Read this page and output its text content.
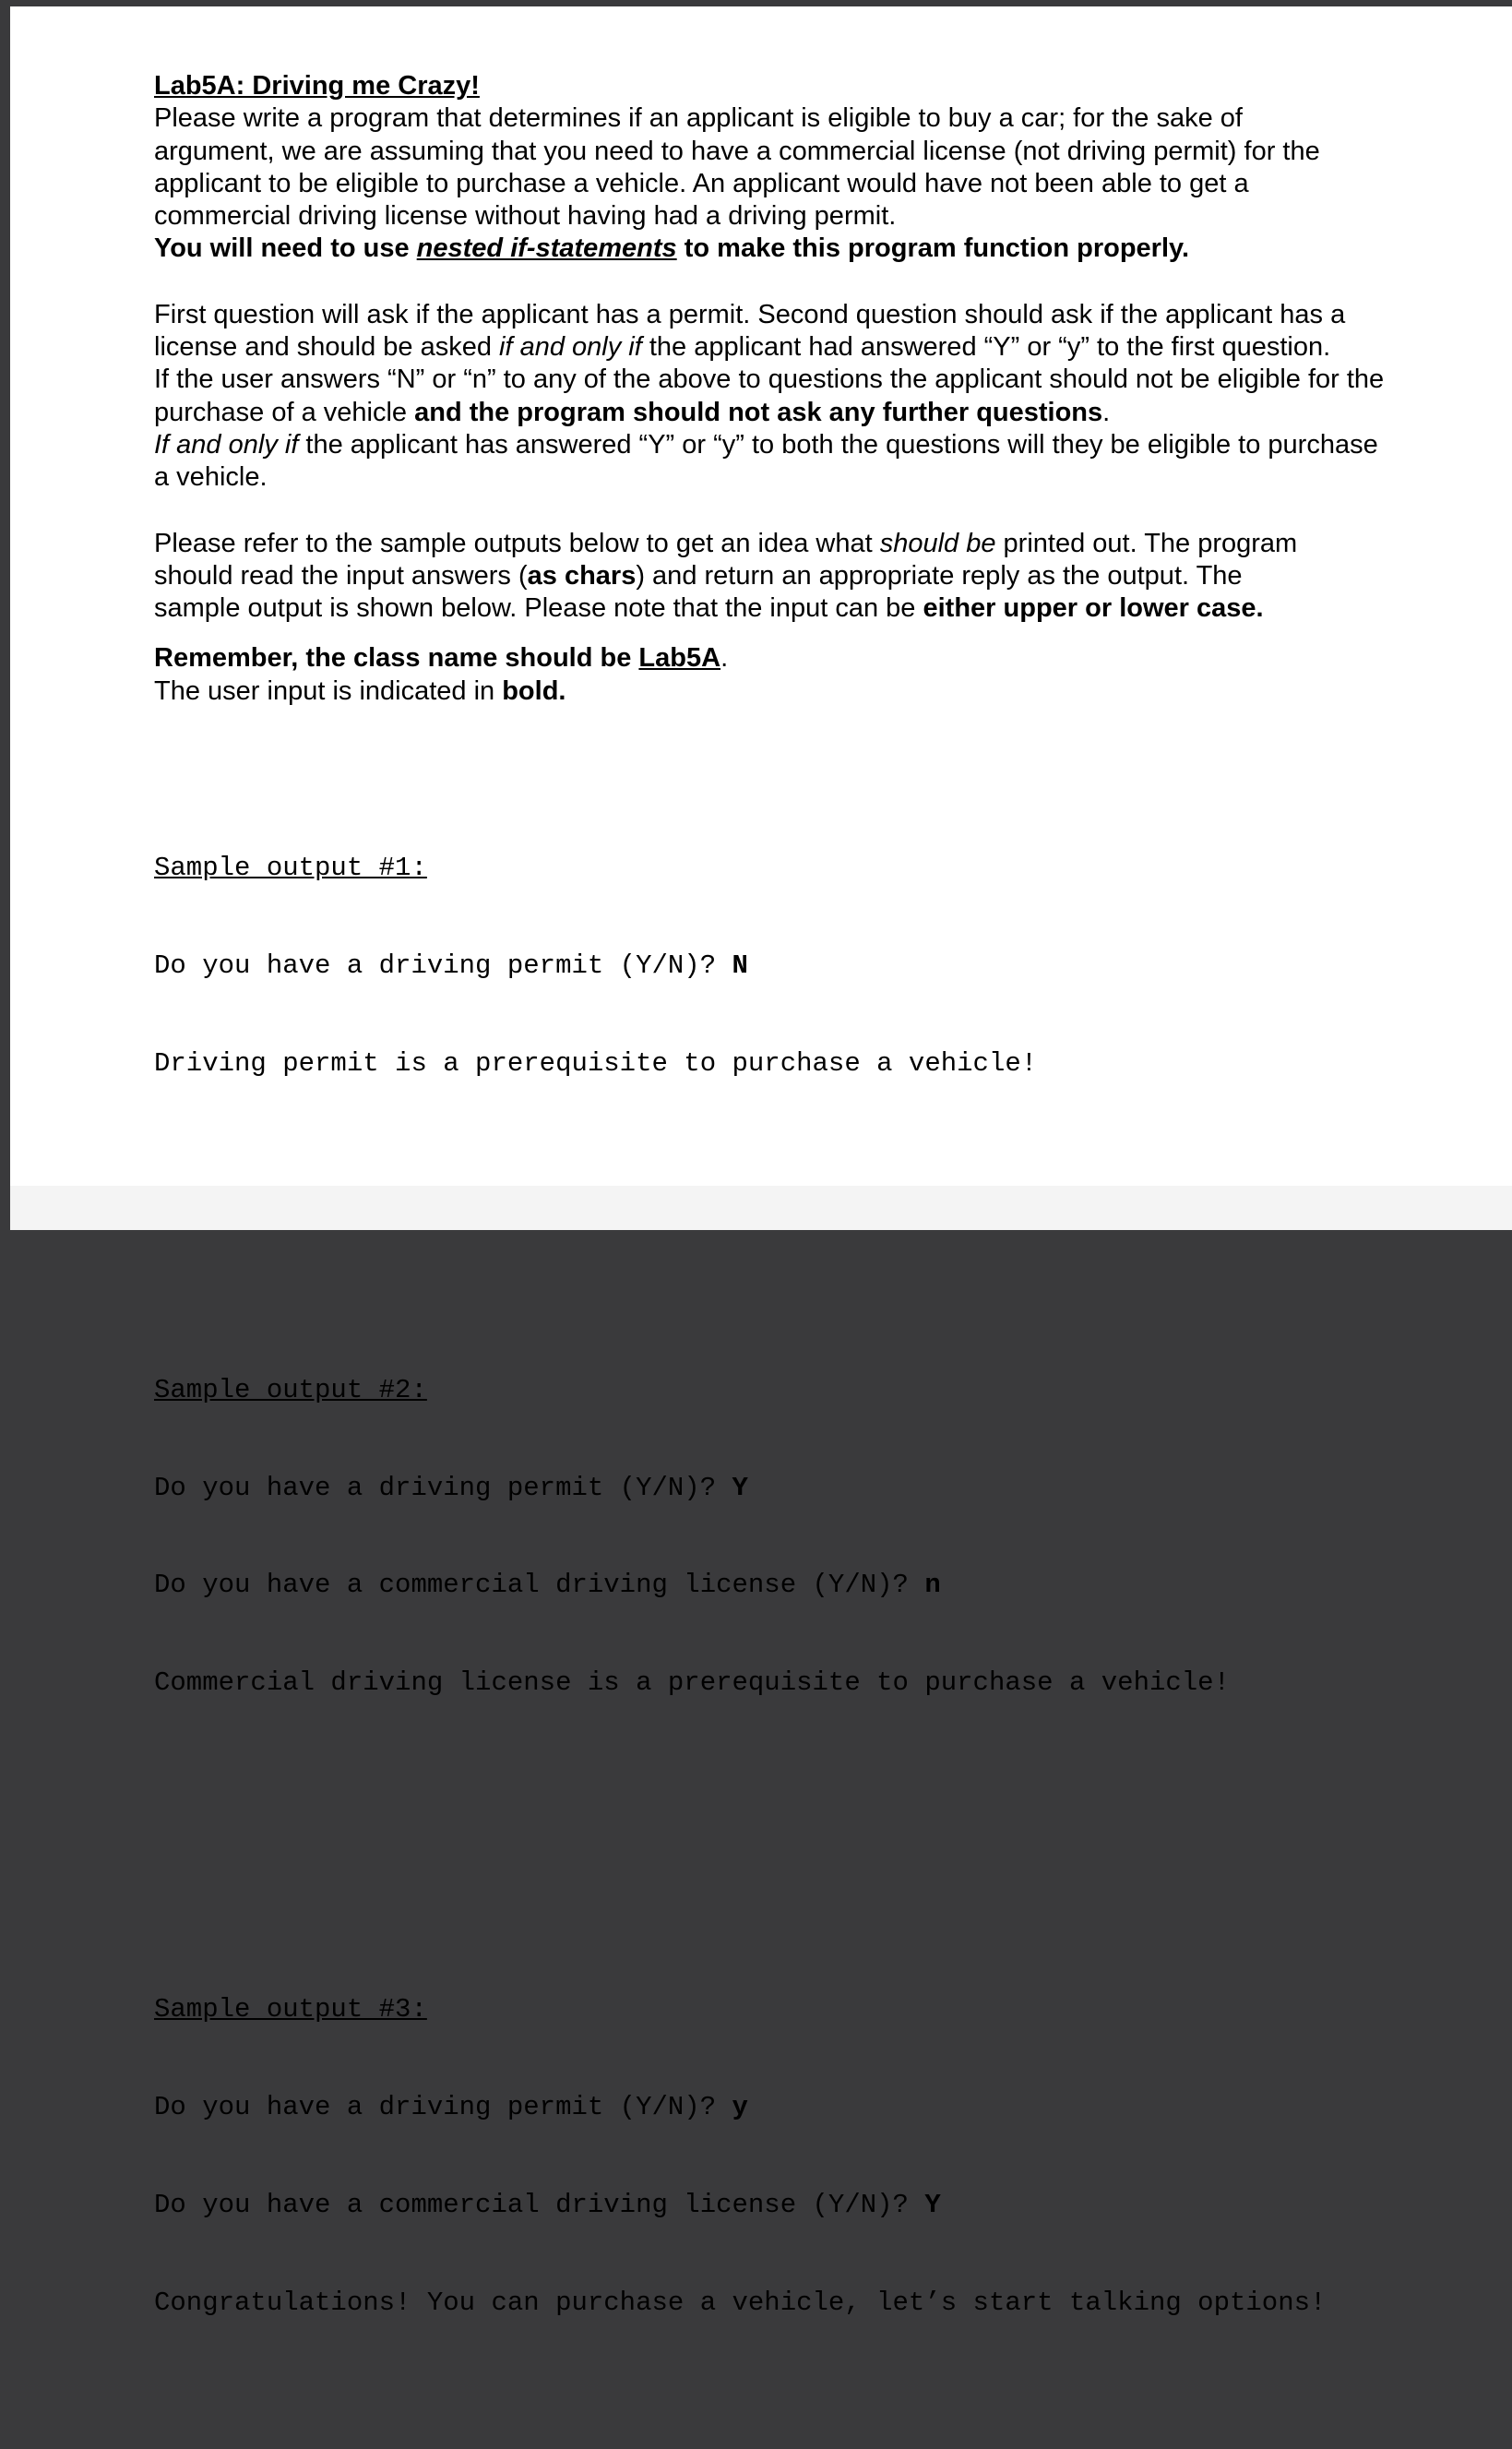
Lab5A: Driving me Crazy!

Please write a program that determines if an applicant is eligible to buy a car; for the sake of

argument, we are assuming that you need to have a commercial license (not driving permit) for the

applicant to be eligible to purchase a vehicle. An applicant would have not been able to get a

commercial driving license without having had a driving permit.

You will need to use nested if-statements to make this program function properly.

First question will ask if the applicant has a permit. Second question should ask if the applicant has a

license and should be asked if and only if the applicant had answered “Y” or “y” to the first question.

If the user answers “N” or “n” to any of the above to questions the applicant should not be eligible for the

purchase of a vehicle and the program should not ask any further questions.

If and only if the applicant has answered “Y” or “y” to both the questions will they be eligible to purchase

a vehicle.

Please refer to the sample outputs below to get an idea what should be printed out. The program

should read the input answers (as chars) and return an appropriate reply as the output. The

sample output is shown below. Please note that the input can be either upper or lower case.

Remember, the class name should be Lab5A.

The user input is indicated in bold.

Sample output #1:

Do you have a driving permit (Y/N)? N

Driving permit is a prerequisite to purchase a vehicle!

Sample output #2:

Do you have a driving permit (Y/N)? Y

Do you have a commercial driving license (Y/N)? n

Commercial driving license is a prerequisite to purchase a vehicle!

Sample output #3:

Do you have a driving permit (Y/N)? y

Do you have a commercial driving license (Y/N)? Y

Congratulations! You can purchase a vehicle, let’s start talking options!
